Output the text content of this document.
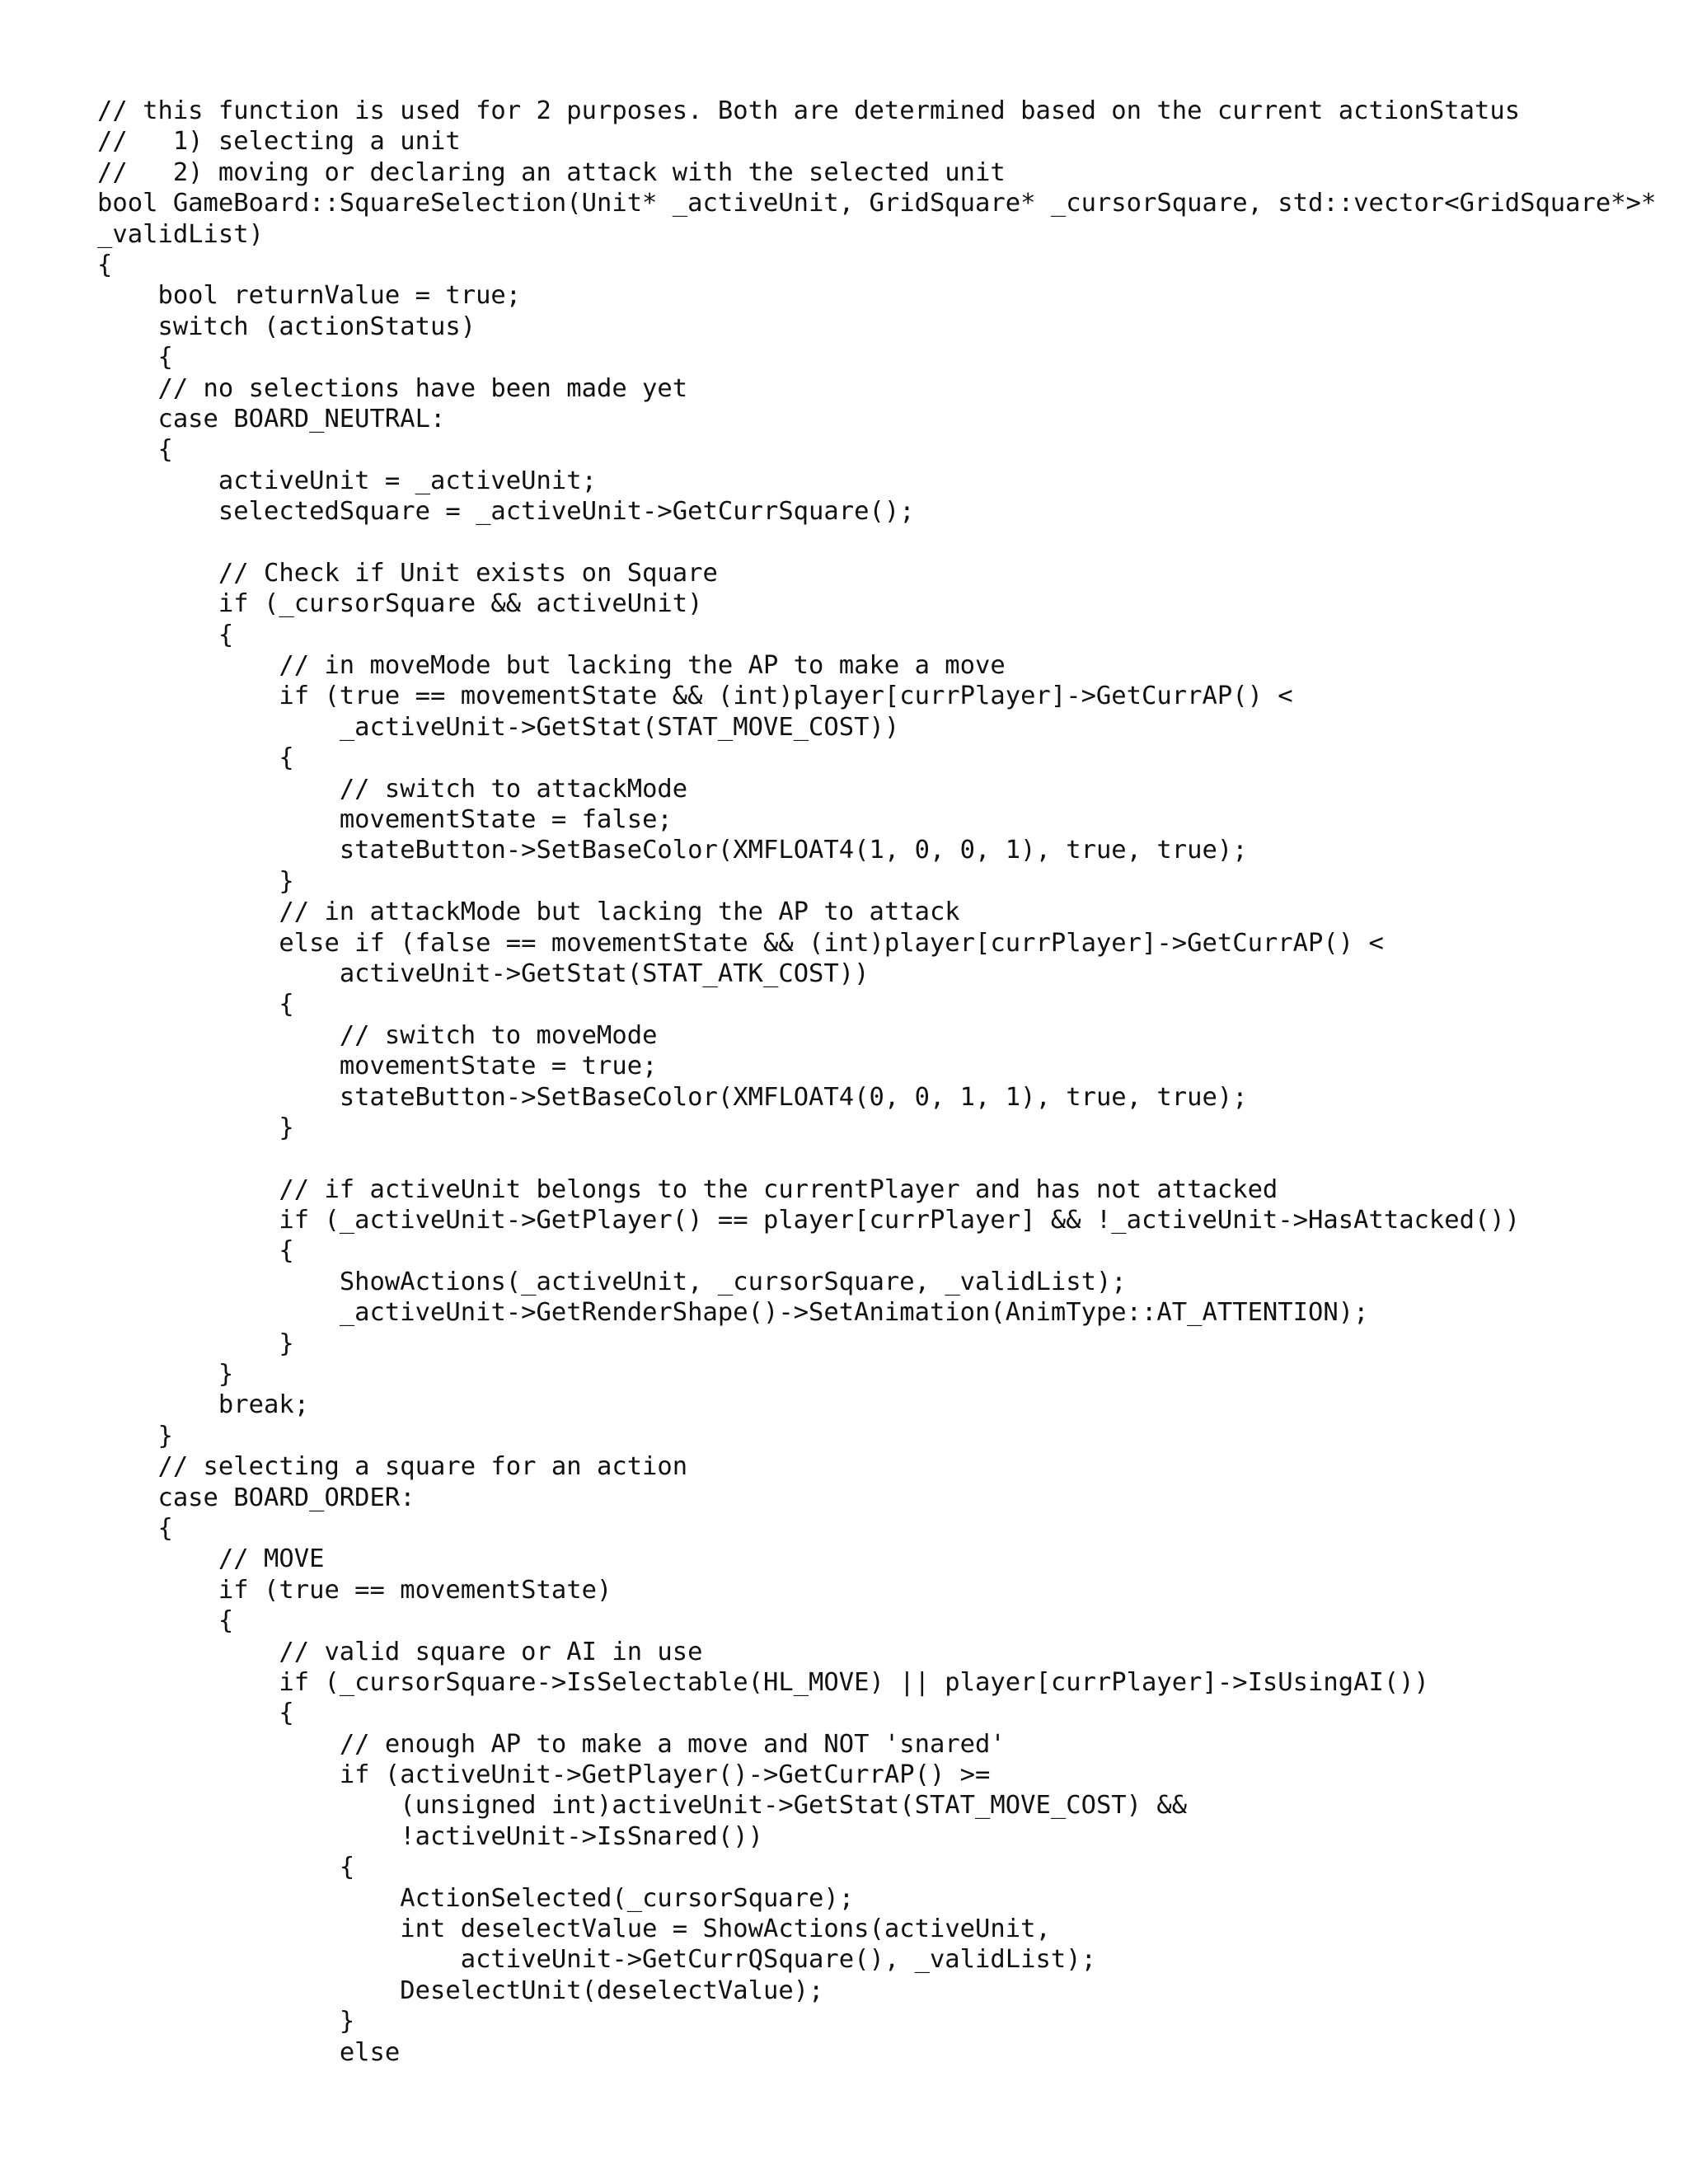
// this function is used for 2 purposes. Both are determined based on the current actionStatus
//   1) selecting a unit
//   2) moving or declaring an attack with the selected unit
bool GameBoard::SquareSelection(Unit* _activeUnit, GridSquare* _cursorSquare, std::vector<GridSquare*>*
_validList)
{
	bool returnValue = true;
	switch (actionStatus)
	{
	// no selections have been made yet
	case BOARD_NEUTRAL:
	{
		activeUnit = _activeUnit;
		selectedSquare = _activeUnit->GetCurrSquare();
		// Check if Unit exists on Square
		if (_cursorSquare && activeUnit)
		{
			// in moveMode but lacking the AP to make a move
			if (true == movementState && (int)player[currPlayer]->GetCurrAP() <
				_activeUnit->GetStat(STAT_MOVE_COST))
			{
				// switch to attackMode
				movementState = false;
				stateButton->SetBaseColor(XMFLOAT4(1, 0, 0, 1), true, true);
			}
			// in attackMode but lacking the AP to attack
			else if (false == movementState && (int)player[currPlayer]->GetCurrAP() <
				activeUnit->GetStat(STAT_ATK_COST))
			{
				// switch to moveMode
				movementState = true;
				stateButton->SetBaseColor(XMFLOAT4(0, 0, 1, 1), true, true);
			}
			// if activeUnit belongs to the currentPlayer and has not attacked
			if (_activeUnit->GetPlayer() == player[currPlayer] && !_activeUnit->HasAttacked())
			{
				ShowActions(_activeUnit, _cursorSquare, _validList);
				_activeUnit->GetRenderShape()->SetAnimation(AnimType::AT_ATTENTION);
			}
		}
		break;
	}
	// selecting a square for an action
	case BOARD_ORDER:
	{
		// MOVE
		if (true == movementState)
		{
			// valid square or AI in use
			if (_cursorSquare->IsSelectable(HL_MOVE) || player[currPlayer]->IsUsingAI())
			{
				// enough AP to make a move and NOT 'snared'
				if (activeUnit->GetPlayer()->GetCurrAP() >=
					(unsigned int)activeUnit->GetStat(STAT_MOVE_COST) &&
					!activeUnit->IsSnared())
				{
					ActionSelected(_cursorSquare);
					int deselectValue = ShowActions(activeUnit,
						activeUnit->GetCurrQSquare(), _validList);
					DeselectUnit(deselectValue);
				}
				else
